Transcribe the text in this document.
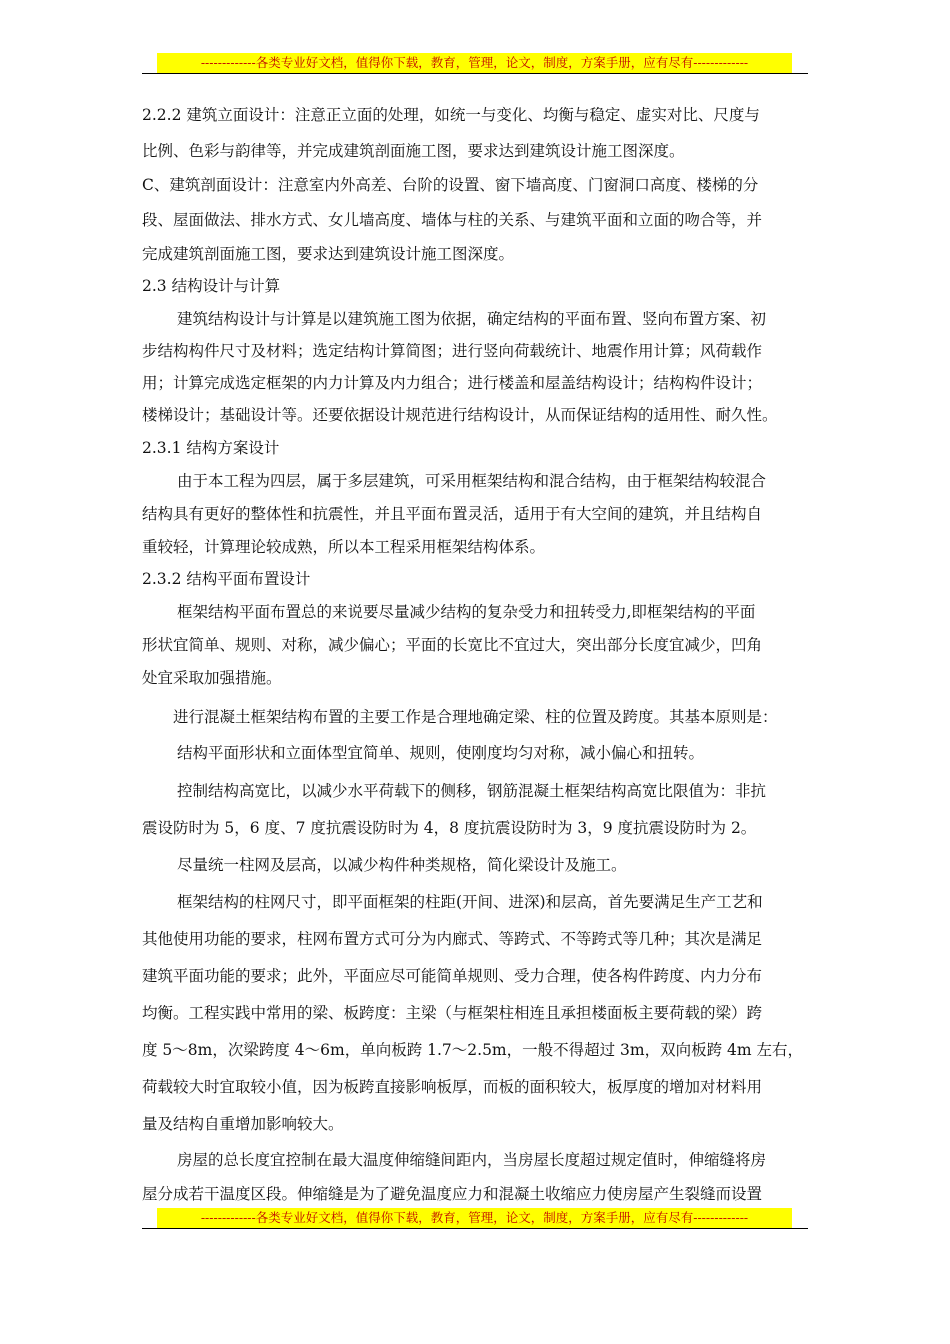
-------------各类专业好文档，值得你下载，教育，管理，论文，制度，方案手册，应有尽有-------------
2.2.2 建筑立面设计：注意正立面的处理，如统一与变化、均衡与稳定、虚实对比、尺度与
比例、色彩与韵律等，并完成建筑剖面施工图，要求达到建筑设计施工图深度。
C、建筑剖面设计：注意室内外高差、台阶的设置、窗下墙高度、门窗洞口高度、楼梯的分
段、屋面做法、排水方式、女儿墙高度、墙体与柱的关系、与建筑平面和立面的吻合等，并
完成建筑剖面施工图，要求达到建筑设计施工图深度。
2.3 结构设计与计算
建筑结构设计与计算是以建筑施工图为依据，确定结构的平面布置、竖向布置方案、初
步结构构件尺寸及材料；选定结构计算简图；进行竖向荷载统计、地震作用计算；风荷载作
用；计算完成选定框架的内力计算及内力组合；进行楼盖和屋盖结构设计；结构构件设计；
楼梯设计；基础设计等。还要依据设计规范进行结构设计，从而保证结构的适用性、耐久性。
2.3.1 结构方案设计
由于本工程为四层，属于多层建筑，可采用框架结构和混合结构，由于框架结构较混合
结构具有更好的整体性和抗震性，并且平面布置灵活，适用于有大空间的建筑，并且结构自
重较轻，计算理论较成熟，所以本工程采用框架结构体系。
2.3.2 结构平面布置设计
框架结构平面布置总的来说要尽量减少结构的复杂受力和扭转受力,即框架结构的平面
形状宜简单、规则、对称，减少偏心；平面的长宽比不宜过大，突出部分长度宜减少，凹角
处宜采取加强措施。
进行混凝土框架结构布置的主要工作是合理地确定梁、柱的位置及跨度。其基本原则是：
结构平面形状和立面体型宜简单、规则，使刚度均匀对称，减小偏心和扭转。
控制结构高宽比，以减少水平荷载下的侧移，钢筋混凝土框架结构高宽比限值为：非抗
震设防时为 5，6 度、7 度抗震设防时为 4，8 度抗震设防时为 3，9 度抗震设防时为 2。
尽量统一柱网及层高，以减少构件种类规格，简化梁设计及施工。
框架结构的柱网尺寸，即平面框架的柱距(开间、进深)和层高，首先要满足生产工艺和
其他使用功能的要求，柱网布置方式可分为内廊式、等跨式、不等跨式等几种；其次是满足
建筑平面功能的要求；此外，平面应尽可能简单规则、受力合理，使各构件跨度、内力分布
均衡。工程实践中常用的梁、板跨度：主梁（与框架柱相连且承担楼面板主要荷载的梁）跨
度 5～8m，次梁跨度 4～6m，单向板跨 1.7～2.5m，一般不得超过 3m，双向板跨 4m 左右，
荷载较大时宜取较小值，因为板跨直接影响板厚，而板的面积较大，板厚度的增加对材料用
量及结构自重增加影响较大。
房屋的总长度宜控制在最大温度伸缩缝间距内，当房屋长度超过规定值时，伸缩缝将房
屋分成若干温度区段。伸缩缝是为了避免温度应力和混凝土收缩应力使房屋产生裂缝而设置
-------------各类专业好文档，值得你下载，教育，管理，论文，制度，方案手册，应有尽有-------------
